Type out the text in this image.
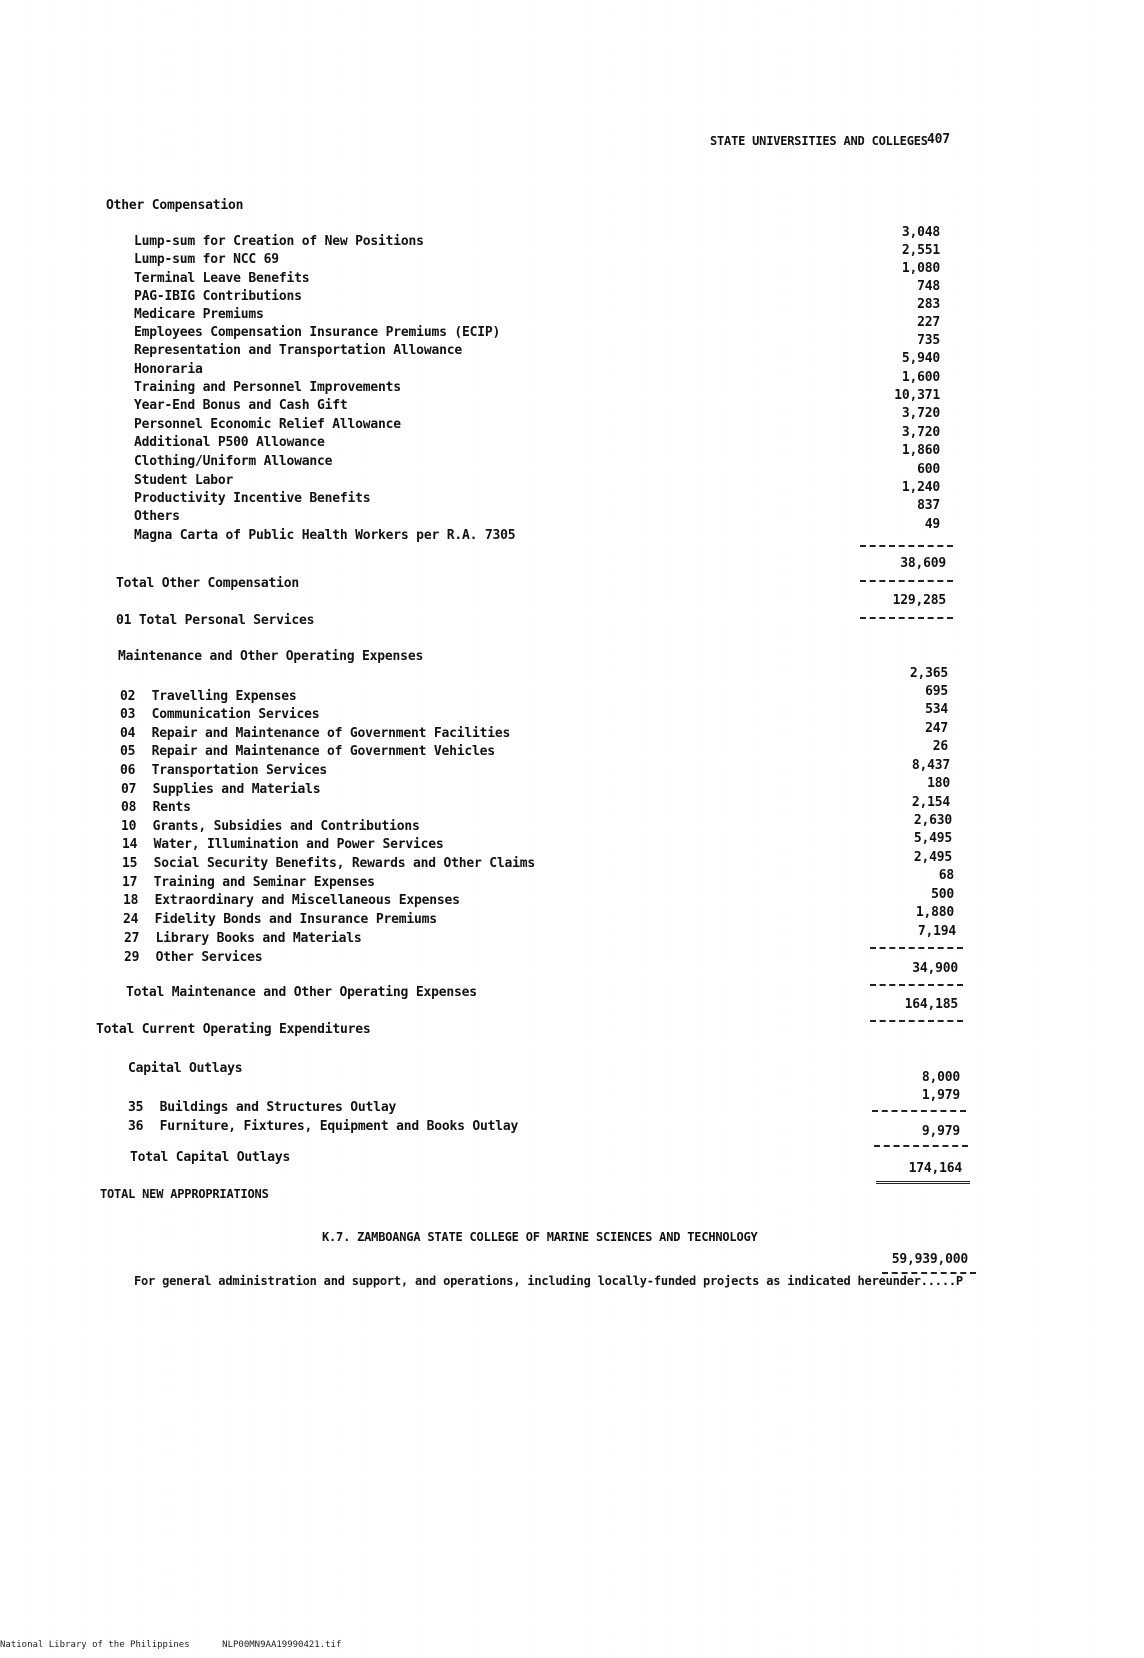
STATE UNIVERSITIES AND COLLEGES 407
Other Compensation
Lump-sum for Creation of New Positions
Lump-sum for NCC 69
Terminal Leave Benefits
PAG-IBIG Contributions
Medicare Premiums
Employees Compensation Insurance Premiums (ECIP)
Representation and Transportation Allowance
Honoraria
Training and Personnel Improvements
Year-End Bonus and Cash Gift
Personnel Economic Relief Allowance
Additional P500 Allowance
Clothing/Uniform Allowance
Student Labor
Productivity Incentive Benefits
Others
Magna Carta of Public Health Workers per R.A. 7305
3,048
2,551
1,080
748
283
227
735
5,940
1,600
10,371
3,720
3,720
1,860
600
1,240
837
49
38,609
Total Other Compensation
129,285
01 Total Personal Services
Maintenance and Other Operating Expenses
02 Travelling Expenses
03 Communication Services
04 Repair and Maintenance of Government Facilities
05 Repair and Maintenance of Government Vehicles
06 Transportation Services
07 Supplies and Materials
08 Rents
10 Grants, Subsidies and Contributions
14 Water, Illumination and Power Services
15 Social Security Benefits, Rewards and Other Claims
17 Training and Seminar Expenses
18 Extraordinary and Miscellaneous Expenses
24 Fidelity Bonds and Insurance Premiums
27 Library Books and Materials
29 Other Services
2,365
695
534
247
26
8,437
180
2,154
2,630
5,495
2,495
68
500
1,880
7,194
34,900
Total Maintenance and Other Operating Expenses
164,185
Total Current Operating Expenditures
Capital Outlays
35 Buildings and Structures Outlay
36 Furniture, Fixtures, Equipment and Books Outlay
8,000
1,979
9,979
Total Capital Outlays
174,164
TOTAL NEW APPROPRIATIONS
K.7. ZAMBOANGA STATE COLLEGE OF MARINE SCIENCES AND TECHNOLOGY
For general administration and support, and operations, including locally-funded projects as indicated hereunder.....P
59,939,000
National Library of the Philippines	NLP00MN9AA19990421.tif
